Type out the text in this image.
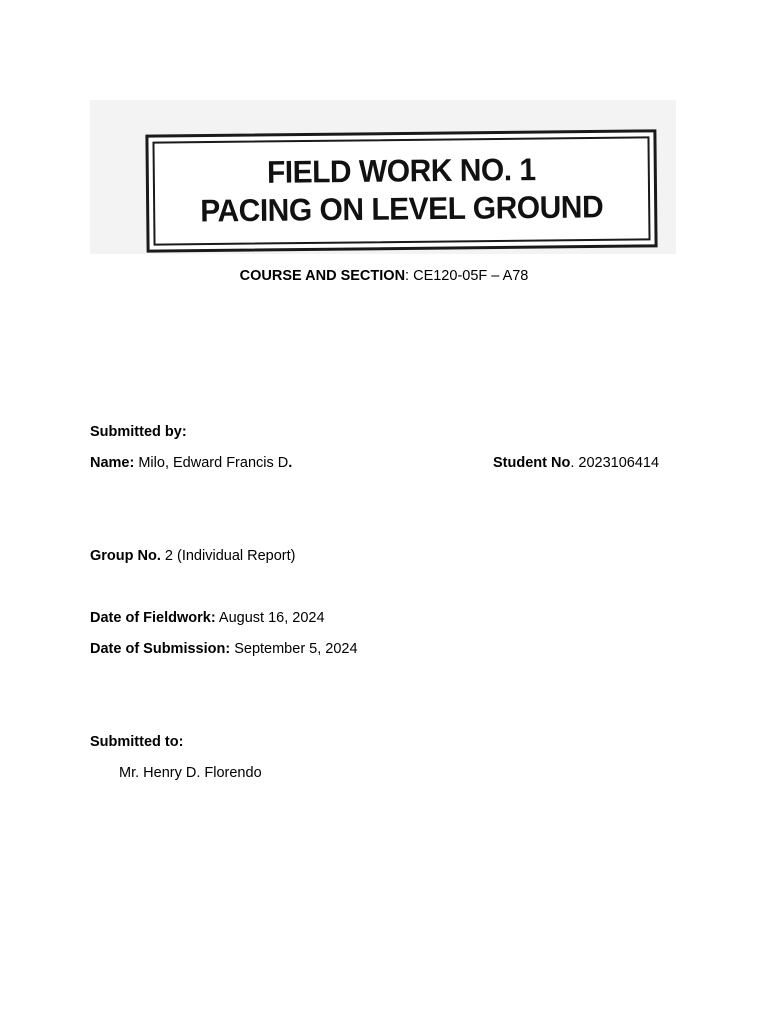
FIELD WORK NO. 1
PACING ON LEVEL GROUND
COURSE AND SECTION: CE120-05F – A78
Submitted by:
Name: Milo, Edward Francis D.	Student No. 2023106414
Group No. 2 (Individual Report)
Date of Fieldwork: August 16, 2024
Date of Submission: September 5, 2024
Submitted to:
Mr. Henry D. Florendo
